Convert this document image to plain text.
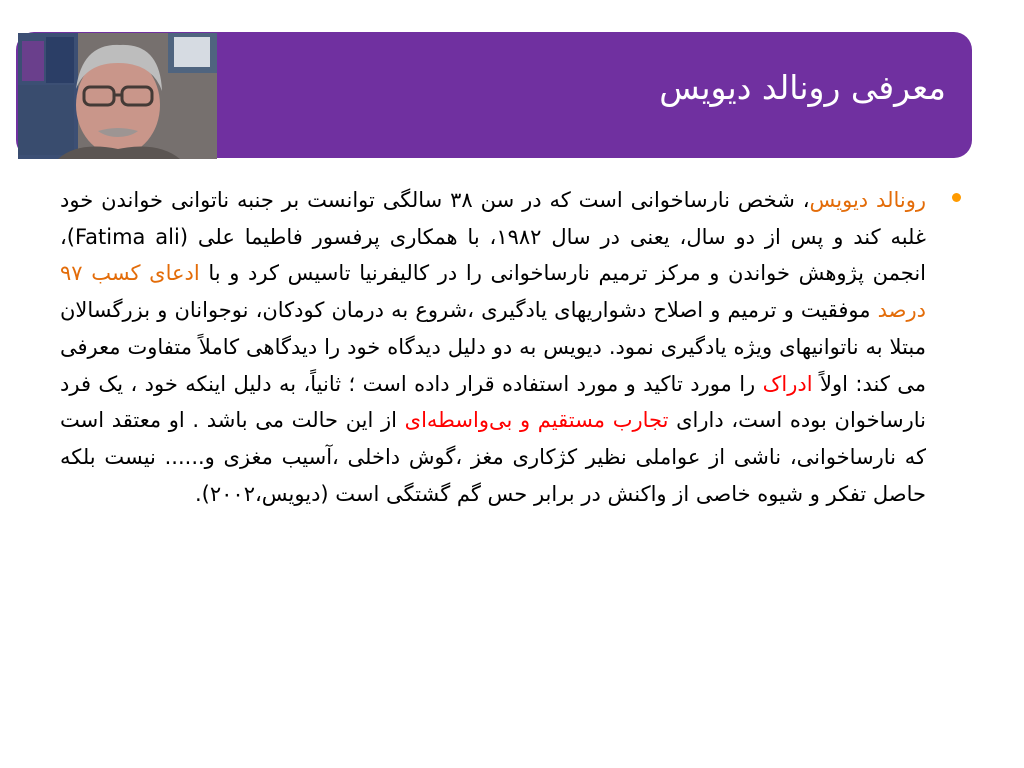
معرفی رونالد دیویس
رونالد دیویس، شخص نارساخوانی است که در سن ۳۸ سالگی توانست بر جنبه ناتوانی خواندن خود غلبه کند و پس از دو سال، یعنی در سال ۱۹۸۲، با همکاری پرفسور فاطیما علی (Fatima ali)، انجمن پژوهش خواندن و مرکز ترمیم نارساخوانی را در کالیفرنیا تاسیس کرد و با ادعای کسب ۹۷ درصد موفقیت و ترمیم و اصلاح دشواریهای یادگیری ،شروع به درمان کودکان، نوجوانان و بزرگسالان مبتلا به ناتوانیهای ویژه یادگیری نمود. دیویس به دو دلیل دیدگاه خود را دیدگاهی کاملاً متفاوت معرفی می کند: اولاً ادراک را مورد تاکید و مورد استفاده قرار داده است ؛ ثانیاً، به دلیل اینکه خود ، یک فرد نارساخوان بوده است، دارای تجارب مستقیم و بی‌واسطه‌ای از این حالت می باشد . او معتقد است که نارساخوانی، ناشی از عواملی نظیر کژکاری مغز ،گوش داخلی ،آسیب مغزی و...... نیست بلکه حاصل تفکر و شیوه خاصی از واکنش در برابر حس گم گشتگی است (دیویس،۲۰۰۲).
